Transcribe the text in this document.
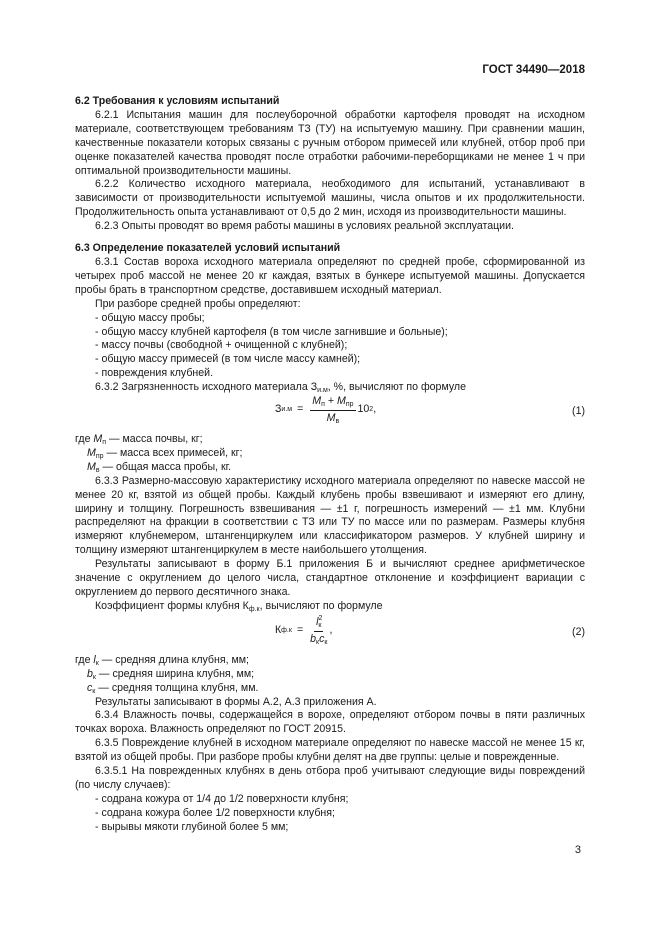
ГОСТ 34490—2018

6.2 Требования к условиям испытаний

6.2.1 Испытания машин для послеуборочной обработки картофеля проводят на исходном материале, соответствующем требованиям ТЗ (ТУ) на испытуемую машину. При сравнении машин, качественные показатели которых связаны с ручным отбором примесей или клубней, отбор проб при оценке показателей качества проводят после отработки рабочими-переборщиками не менее 1 ч при оптимальной производительности машины.

6.2.2 Количество исходного материала, необходимого для испытаний, устанавливают в зависимости от производительности испытуемой машины, числа опытов и их продолжительности. Продолжительность опыта устанавливают от 0,5 до 2 мин, исходя из производительности машины.

6.2.3 Опыты проводят во время работы машины в условиях реальной эксплуатации.

6.3 Определение показателей условий испытаний

6.3.1 Состав вороха исходного материала определяют по средней пробе, сформированной из четырех проб массой не менее 20 кг каждая, взятых в бункере испытуемой машины. Допускается пробы брать в транспортном средстве, доставившем исходный материал.

При разборе средней пробы определяют:

- общую массу пробы;

- общую массу клубней картофеля (в том числе загнившие и больные);

- массу почвы (свободной + очищенной с клубней);

- общую массу примесей (в том числе массу камней);

- повреждения клубней.

6.3.2 Загрязненность исходного материала $З_{и.м}$, %, вычисляют по формуле

З $и.м = \frac{M_п + M_{пр}}{M_в} 10$ 2 ,	(1)

где $M_п$ — масса почвы, кг;

$M_{пр}$ — масса всех примесей, кг;

$M_в$ — общая масса пробы, кг.

6.3.3 Размерно-массовую характеристику исходного материала определяют по навеске массой не менее 20 кг, взятой из общей пробы. Каждый клубень пробы взвешивают и измеряют его длину, ширину и толщину. Погрешность взвешивания — ±1 г, погрешность измерений — ±1 мм. Клубни распределяют на фракции в соответствии с ТЗ или ТУ по массе или по размерам. Размеры клубня измеряют клубнемером, штангенциркулем или классификатором размеров. У клубней ширину и толщину измеряют штангенциркулем в месте наибольшего утолщения.

Результаты записывают в форму Б.1 приложения Б и вычисляют среднее арифметическое значение с округлением до целого числа, стандартное отклонение и коэффициент вариации с округлением до первого десятичного знака.

Коэффициент формы клубня $К_{ф.к}$, вычисляют по формуле

К $ф.к = \frac{l^2_к}{b_кc_к}$ ,	(2)

где $l_к$ — средняя длина клубня, мм;

$b_к$ — средняя ширина клубня, мм;

$c_к$ — средняя толщина клубня, мм.

Результаты записывают в формы А.2, А.3 приложения А.

6.3.4 Влажность почвы, содержащейся в ворохе, определяют отбором почвы в пяти различных точках вороха. Влажность определяют по ГОСТ 20915.

6.3.5 Повреждение клубней в исходном материале определяют по навеске массой не менее 15 кг, взятой из общей пробы. При разборе пробы клубни делят на две группы: целые и поврежденные.

6.3.5.1 На поврежденных клубнях в день отбора проб учитывают следующие виды повреждений (по числу случаев):

- содрана кожура от 1/4 до 1/2 поверхности клубня;

- содрана кожура более 1/2 поверхности клубня;

- вырывы мякоти глубиной более 5 мм;

3
